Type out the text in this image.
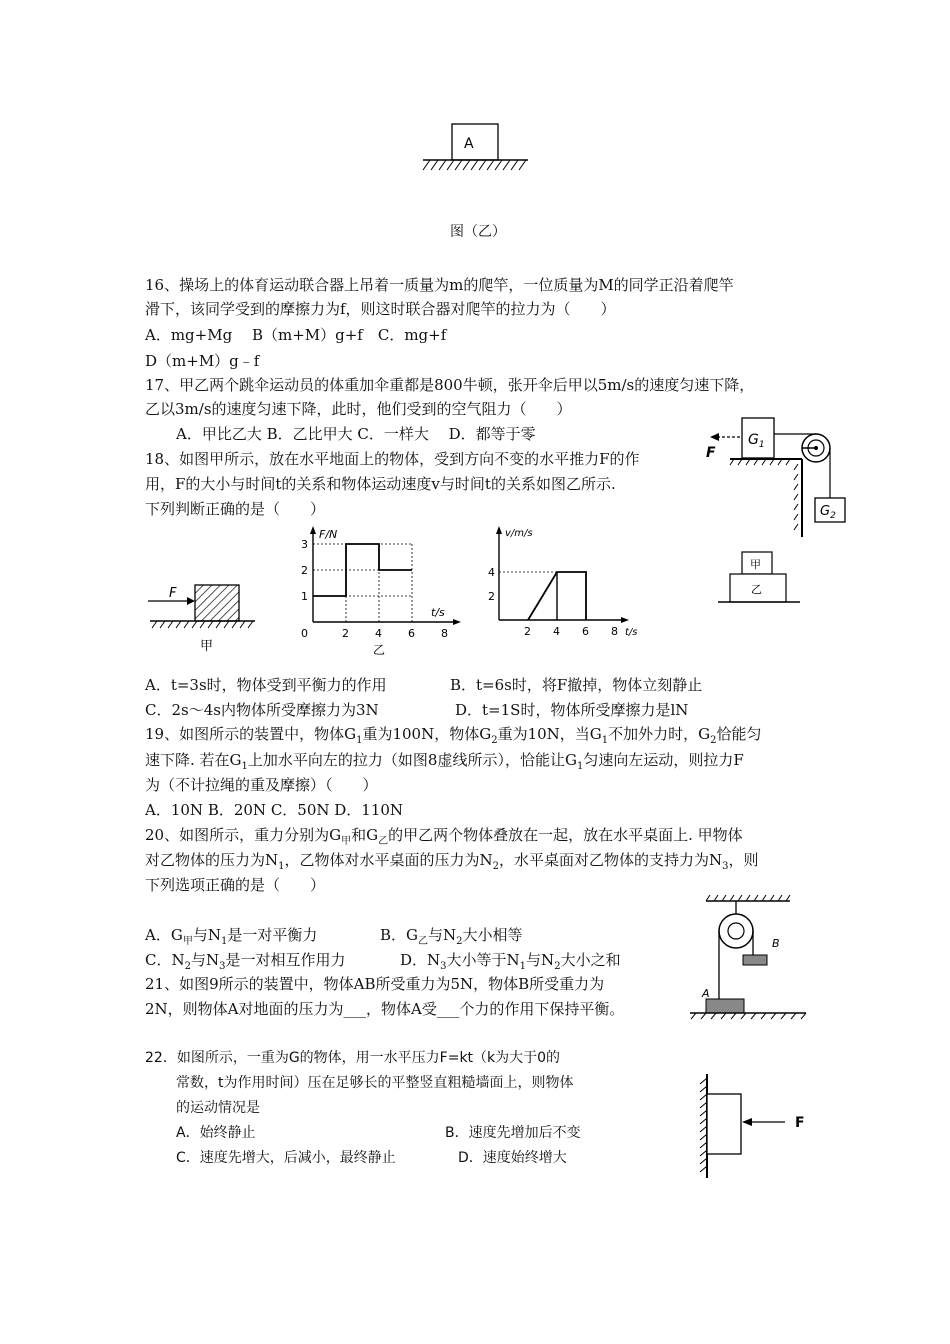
A
图（乙）
16、操场上的体育运动联合器上吊着一质量为m的爬竿，一位质量为M的同学正沿着爬竿
滑下，该同学受到的摩擦力为f，则这时联合器对爬竿的拉力为（　　）
A．mg+Mg　 B（m+M）g+f　C．mg+f
D（m+M）g﹣f
17、甲乙两个跳伞运动员的体重加伞重都是800牛顿，张开伞后甲以5m/s的速度匀速下降，
乙以3m/s的速度匀速下降，此时，他们受到的空气阻力（　　）
A．甲比乙大 B．乙比甲大 C．一样大　 D．都等于零
18、如图甲所示，放在水平地面上的物体，受到方向不变的水平推力F的作
用，F的大小与时间t的关系和物体运动速度v与时间t的关系如图乙所示.
下列判断正确的是（　　）
$G_1$
F
$G_2$
F
甲
F/N
t/s
0
1
2
3
2 4 6 8
乙
v/m/s
t/s
2
4
2 4 6 8
甲
乙
A．t=3s时，物体受到平衡力的作用	B．t=6s时，将F撤掉，物体立刻静止
C．2s～4s内物体所受摩擦力为3N	D．t=1S时，物体所受摩擦力是lN
19、如图所示的装置中，物体$G_1$重为100N，物体$G_2$重为10N，当$G_1$不加外力时，$G_2$恰能匀
速下降. 若在$G_1$上加水平向左的拉力（如图8虚线所示），恰能让$G_1$匀速向左运动，则拉力F
为（不计拉绳的重及摩擦）（　　）
A．10N B．20N C．50N D．110N
20、如图所示，重力分别为$G_甲$和$G_乙$的甲乙两个物体叠放在一起，放在水平桌面上. 甲物体
对乙物体的压力为$N_1$，乙物体对水平桌面的压力为$N_2$，水平桌面对乙物体的支持力为$N_3$，则
下列选项正确的是（　　）
A．$G_甲$与$N_1$是一对平衡力	B．$G_乙$与$N_2$大小相等
C．$N_2$与$N_3$是一对相互作用力	D．$N_3$大小等于$N_1$与$N_2$大小之和
B
A
21、如图9所示的装置中，物体AB所受重力为5N，物体B所受重力为
2N，则物体A对地面的压力为___，物体A受___个力的作用下保持平衡。
22．如图所示，一重为G的物体，用一水平压力F=kt（k为大于0的
常数，t为作用时间）压在足够长的平整竖直粗糙墙面上，则物体
的运动情况是
A．始终静止	B．速度先增加后不变
C．速度先增大，后减小，最终静止	D．速度始终增大
F
